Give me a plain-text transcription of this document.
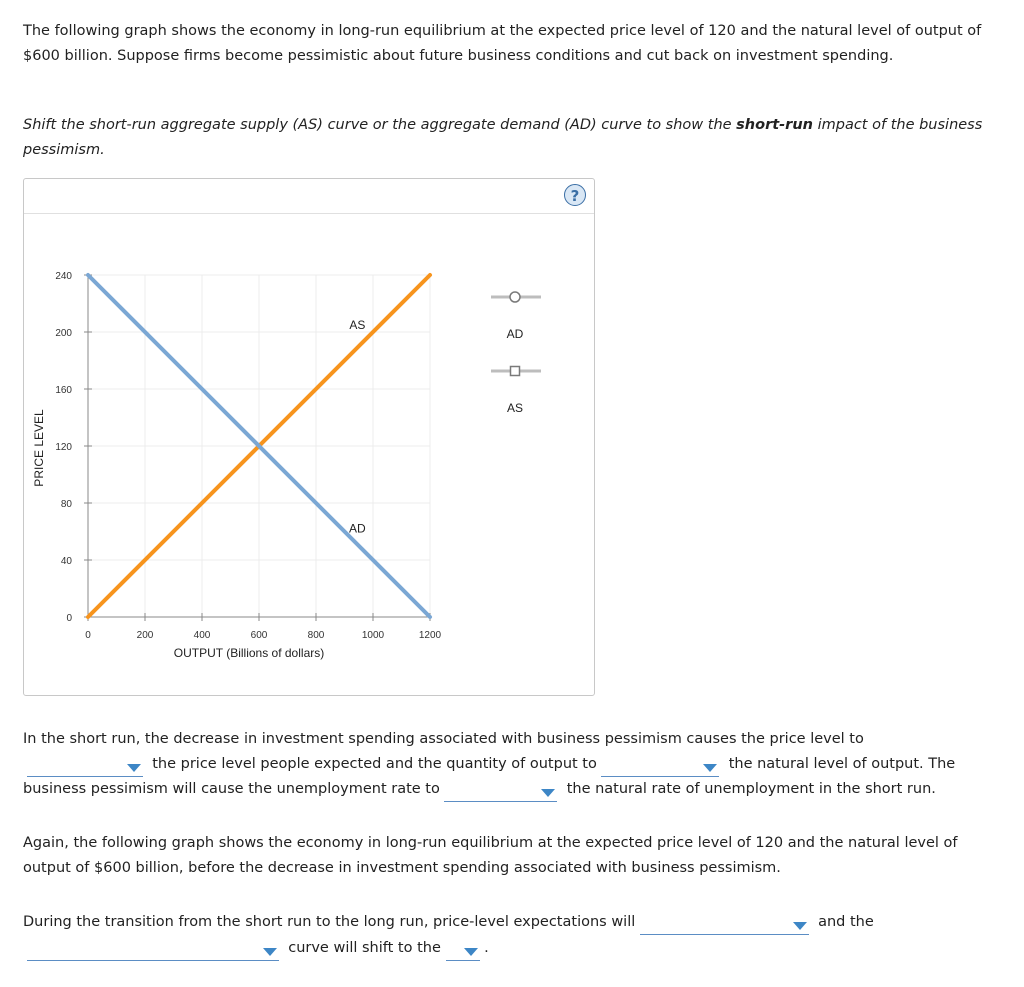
The following graph shows the economy in long-run equilibrium at the expected price level of 120 and the natural level of output of $600 billion. Suppose firms become pessimistic about future business conditions and cut back on investment spending.
Shift the short-run aggregate supply (AS) curve or the aggregate demand (AD) curve to show the short-run impact of the business pessimism.
?
0
40
80
120
160
200
240
0	200	400	600	800	1000	1200
OUTPUT (Billions of dollars)
PRICE LEVEL
AS
AD
AD
AS
In the short run, the decrease in investment spending associated with business pessimism causes the price level to
the price level people expected and the quantity of output to	the natural level of output. The
business pessimism will cause the unemployment rate to	the natural rate of unemployment in the short run.
Again, the following graph shows the economy in long-run equilibrium at the expected price level of 120 and the natural level of output of $600 billion, before the decrease in investment spending associated with business pessimism.
During the transition from the short run to the long run, price-level expectations will	and the
curve will shift to the	.
